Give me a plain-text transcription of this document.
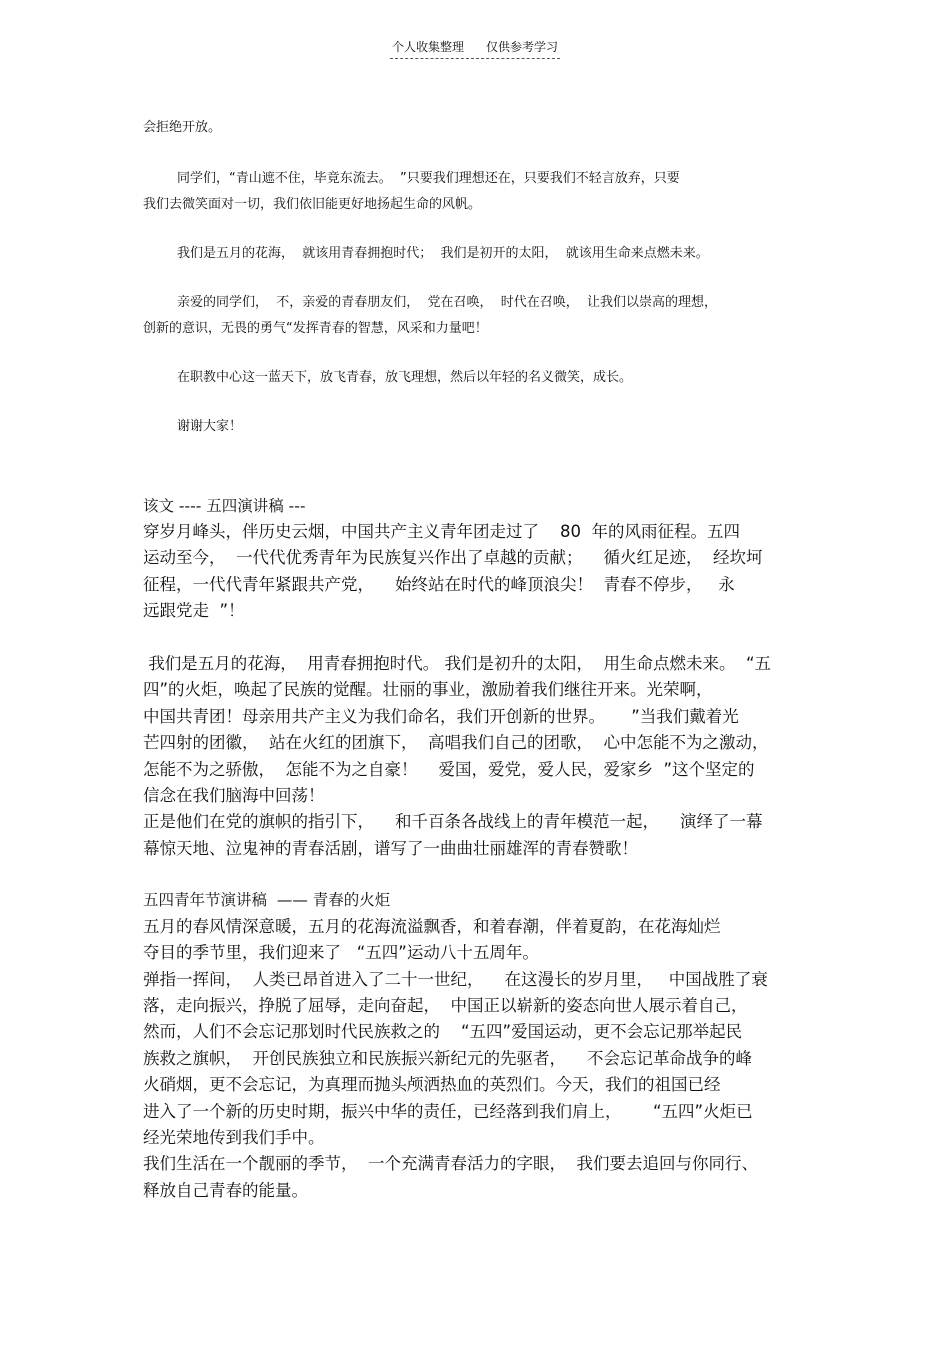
个人收集整理 仅供参考学习
会拒绝开放。
同学们，“青山遮不住，毕竟东流去。  ”只要我们理想还在，只要我们不轻言放弃，只要
我们去微笑面对一切，我们依旧能更好地扬起生命的风帆。
我们是五月的花海，  就该用青春拥抱时代；  我们是初开的太阳，  就该用生命来点燃未来。
亲爱的同学们，  不，亲爱的青春朋友们，  党在召唤，  时代在召唤，  让我们以崇高的理想，
创新的意识，无畏的勇气“发挥青春的智慧，风采和力量吧！
在职教中心这一蓝天下，放飞青春，放飞理想，然后以年轻的名义微笑，成长。
谢谢大家！
该文 ---- 五四演讲稿 ---
穿岁月峰头，伴历史云烟，中国共产主义青年团走过了    80  年的风雨征程。五四
运动至今，  一代代优秀青年为民族复兴作出了卓越的贡献；    循火红足迹，  经坎坷
征程，一代代青年紧跟共产党，    始终站在时代的峰顶浪尖！  青春不停步，   永
远跟党走  ”！
我们是五月的花海，  用青春拥抱时代。 我们是初升的太阳，  用生命点燃未来。  “五
四”的火炬，唤起了民族的觉醒。壮丽的事业，激励着我们继往开来。光荣啊，
中国共青团！母亲用共产主义为我们命名，我们开创新的世界。     ”当我们戴着光
芒四射的团徽，  站在火红的团旗下，  高唱我们自己的团歌，  心中怎能不为之激动，
怎能不为之骄傲，  怎能不为之自豪！    爱国，爱党，爱人民，爱家乡  ”这个坚定的
信念在我们脑海中回荡！
正是他们在党的旗帜的指引下，    和千百条各战线上的青年模范一起，    演绎了一幕
幕惊天地、泣鬼神的青春活剧，谱写了一曲曲壮丽雄浑的青春赞歌！
五四青年节演讲稿  —— 青春的火炬
五月的春风情深意暖，五月的花海流溢飘香，和着春潮，伴着夏韵，在花海灿烂
夺目的季节里，我们迎来了   “五四”运动八十五周年。
弹指一挥间，  人类已昂首进入了二十一世纪，    在这漫长的岁月里，   中国战胜了衰
落，走向振兴，挣脱了屈辱，走向奋起，  中国正以崭新的姿态向世人展示着自己，
然而，人们不会忘记那划时代民族救之的    “五四”爱国运动，更不会忘记那举起民
族救之旗帜，  开创民族独立和民族振兴新纪元的先驱者，    不会忘记革命战争的峰
火硝烟，更不会忘记，为真理而抛头颅洒热血的英烈们。今天，我们的祖国已经
进入了一个新的历史时期，振兴中华的责任，已经落到我们肩上，      “五四”火炬已
经光荣地传到我们手中。
我们生活在一个靓丽的季节，  一个充满青春活力的字眼，  我们要去追回与你同行、
释放自己青春的能量。
